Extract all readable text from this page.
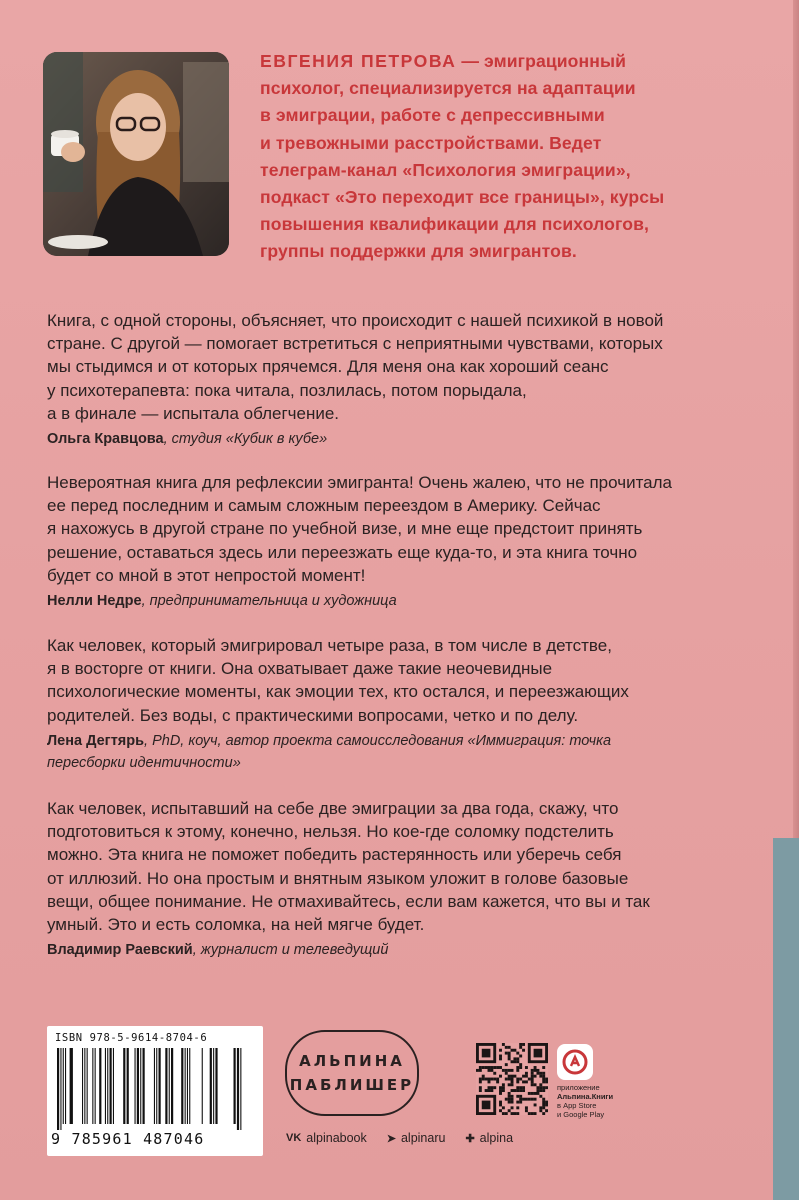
ЕВГЕНИЯ ПЕТРОВА — эмиграционный
психолог, специализируется на адаптации
в эмиграции, работе с депрессивными
и тревожными расстройствами. Ведет
телеграм-канал «Психология эмиграции»,
подкаст «Это переходит все границы», курсы
повышения квалификации для психологов,
группы поддержки для эмигрантов.
Книга, с одной стороны, объясняет, что происходит с нашей психикой в новой
стране. С другой — помогает встретиться с неприятными чувствами, которых
мы стыдимся и от которых прячемся. Для меня она как хороший сеанс
у психотерапевта: пока читала, позлилась, потом порыдала,
а в финале — испытала облегчение.
Ольга Кравцова, студия «Кубик в кубе»
Невероятная книга для рефлексии эмигранта! Очень жалею, что не прочитала
ее перед последним и самым сложным переездом в Америку. Сейчас
я нахожусь в другой стране по учебной визе, и мне еще предстоит принять
решение, оставаться здесь или переезжать еще куда-то, и эта книга точно
будет со мной в этот непростой момент!
Нелли Недре, предпринимательница и художница
Как человек, который эмигрировал четыре раза, в том числе в детстве,
я в восторге от книги. Она охватывает даже такие неочевидные
психологические моменты, как эмоции тех, кто остался, и переезжающих
родителей. Без воды, с практическими вопросами, четко и по делу.
Лена Дегтярь, PhD, коуч, автор проекта самоисследования «Иммиграция: точка
пересборки идентичности»
Как человек, испытавший на себе две эмиграции за два года, скажу, что
подготовиться к этому, конечно, нельзя. Но кое-где соломку подстелить
можно. Эта книга не поможет победить растерянность или уберечь себя
от иллюзий. Но она простым и внятным языком уложит в голове базовые
вещи, общее понимание. Не отмахивайтесь, если вам кажется, что вы и так
умный. Это и есть соломка, на ней мягче будет.
Владимир Раевский, журналист и телеведущий
ISBN 978-5-9614-8704-6
9 785961 487046
АЛЬПИНА
ПАБЛИШЕР	приложение
Альпина.Книги
в App Store
и Google Play
VK alpinabook ➤ alpinaru ✚ alpina
